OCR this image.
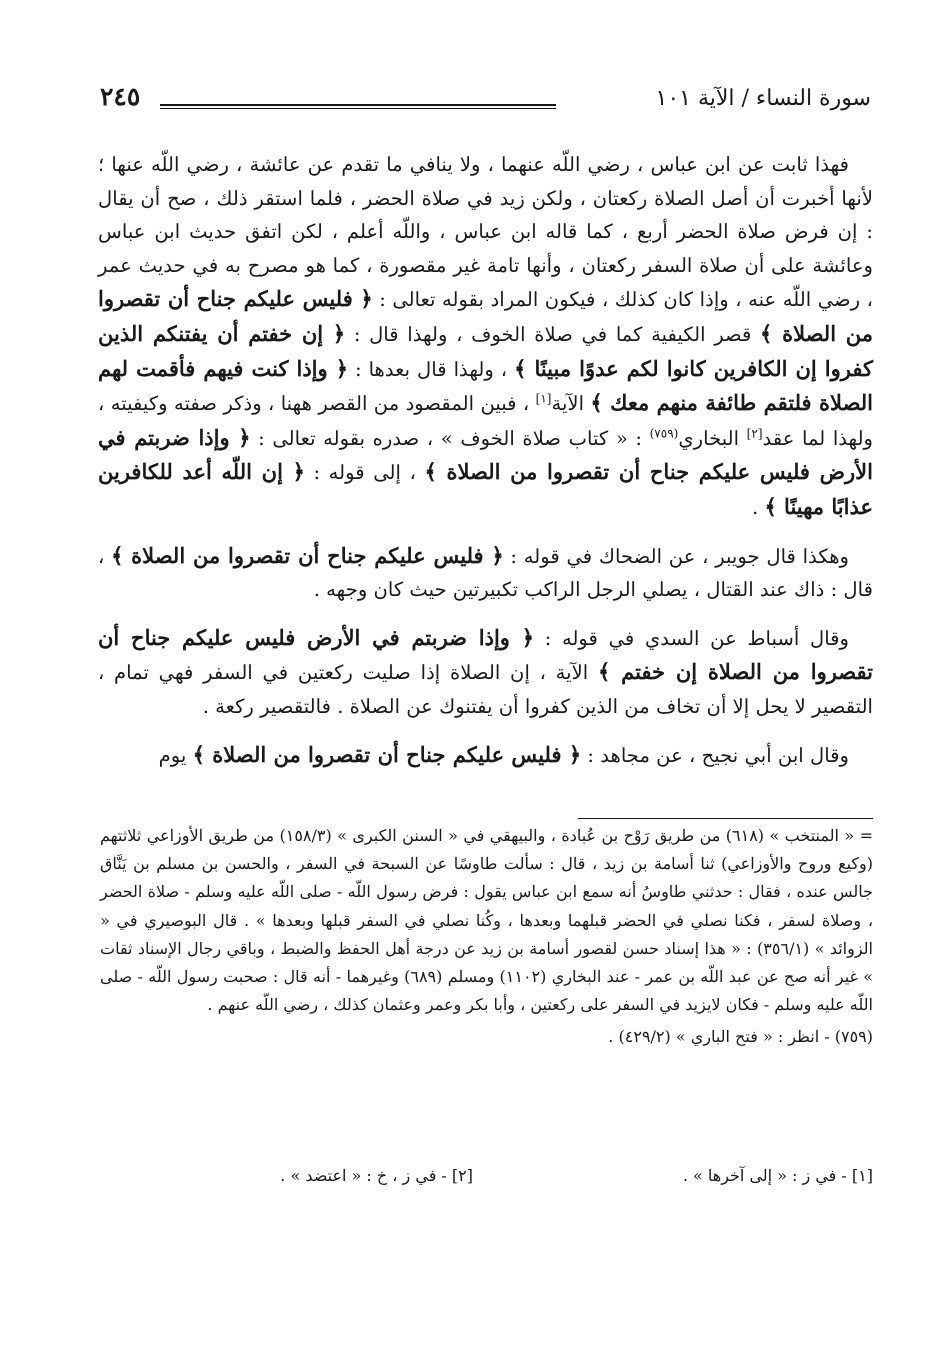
سورة النساء / الآية ١٠١
٢٤٥

فهذا ثابت عن ابن عباس ، رضي اللّه عنهما ، ولا ينافي ما تقدم عن عائشة ، رضي اللّه عنها ؛ لأنها أخبرت أن أصل الصلاة ركعتان ، ولكن زيد في صلاة الحضر ، فلما استقر ذلك ، صح أن يقال : إن فرض صلاة الحضر أربع ، كما قاله ابن عباس ، واللّه أعلم ، لكن اتفق حديث ابن عباس وعائشة على أن صلاة السفر ركعتان ، وأنها تامة غير مقصورة ، كما هو مصرح به في حديث عمر ، رضي اللّه عنه ، وإذا كان كذلك ، فيكون المراد بقوله تعالى : ﴿ فليس عليكم جناح أن تقصروا من الصلاة ﴾ قصر الكيفية كما في صلاة الخوف ، ولهذا قال : ﴿ إن خفتم أن يفتنكم الذين كفروا إن الكافرين كانوا لكم عدوًا مبينًا ﴾ ، ولهذا قال بعدها : ﴿ وإذا كنت فيهم فأقمت لهم الصلاة فلتقم طائفة منهم معك ﴾ الآية[١] ، فبين المقصود من القصر ههنا ، وذكر صفته وكيفيته ، ولهذا لما عقد[٢] البخاري$^{(٧٥٩)}$ : « كتاب صلاة الخوف » ، صدره بقوله تعالى : ﴿ وإذا ضربتم في الأرض فليس عليكم جناح أن تقصروا من الصلاة ﴾ ، إلى قوله : ﴿ إن اللّه أعد للكافرين عذابًا مهينًا ﴾ .

وهكذا قال جويبر ، عن الضحاك في قوله : ﴿ فليس عليكم جناح أن تقصروا من الصلاة ﴾ ، قال : ذاك عند القتال ، يصلي الرجل الراكب تكبيرتين حيث كان وجهه .

وقال أسباط عن السدي في قوله : ﴿ وإذا ضربتم في الأرض فليس عليكم جناح أن تقصروا من الصلاة إن خفتم ﴾ الآية ، إن الصلاة إذا صليت ركعتين في السفر فهي تمام ، التقصير لا يحل إلا أن تخاف من الذين كفروا أن يفتنوك عن الصلاة . فالتقصير ركعة .

وقال ابن أبي نجيح ، عن مجاهد : ﴿ فليس عليكم جناح أن تقصروا من الصلاة ﴾ يوم

= « المنتخب » (٦١٨) من طريق رَوْح بن عُبادة ، والبيهقي في « السنن الكبرى » (١٥٨/٣) من طريق الأوزاعي ثلاثتهم (وكيع وروح والأوزاعي) ثنا أسامة بن زيد ، قال : سألت طاوسًا عن السبحة في السفر ، والحسن بن مسلم بن يَنَّاق جالس عنده ، فقال : حدثني طاوسُ أنه سمع ابن عباس يقول : فرض رسول اللّه - صلى اللّه عليه وسلم - صلاة الحضر ، وصلاة لسفر ، فكنا نصلي في الحضر قبلهما وبعدها ، وكُنا نصلي في السفر قبلها وبعدها » . قال البوصيري في « الزوائد » (٣٥٦/١) : « هذا إسناد حسن لقصور أسامة بن زيد عن درجة أهل الحفظ والضبط ، وباقي رجال الإسناد ثقات » غير أنه صح عن عبد اللّه بن عمر - عند البخاري (١١٠٢) ومسلم (٦٨٩) وغيرهما - أنه قال : صحبت رسول اللّه - صلى اللّه عليه وسلم - فكان لايزيد في السفر على ركعتين ، وأبا بكر وعمر وعثمان كذلك ، رضي اللّه عنهم .

(٧٥٩) - انظر : « فتح الباري » (٤٢٩/٢) .

[١] - في ز : « إلى آخرها » .
[٢] - في ز ، خ : « اعتضد » .
